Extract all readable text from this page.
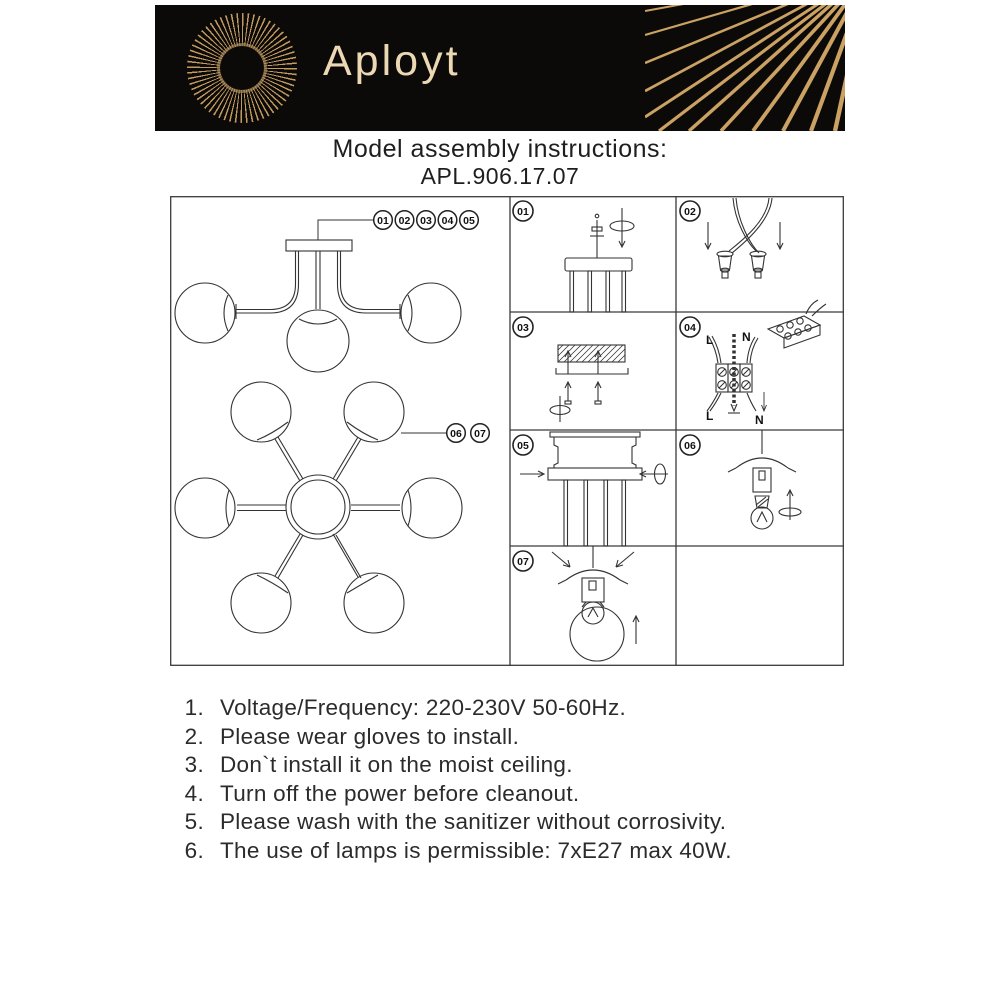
Aployt
Model assembly instructions:
APL.906.17.07
01 02 03 04 05
06 07
01	02
03	04
L N
L	N
05	06
07
1. Voltage/Frequency: 220-230V 50-60Hz.
2. Please wear gloves to install.
3. Don`t install it on the moist ceiling.
4. Turn off the power before cleanout.
5. Please wash with the sanitizer without corrosivity.
6. The use of lamps is permissible: 7xE27 max 40W.
